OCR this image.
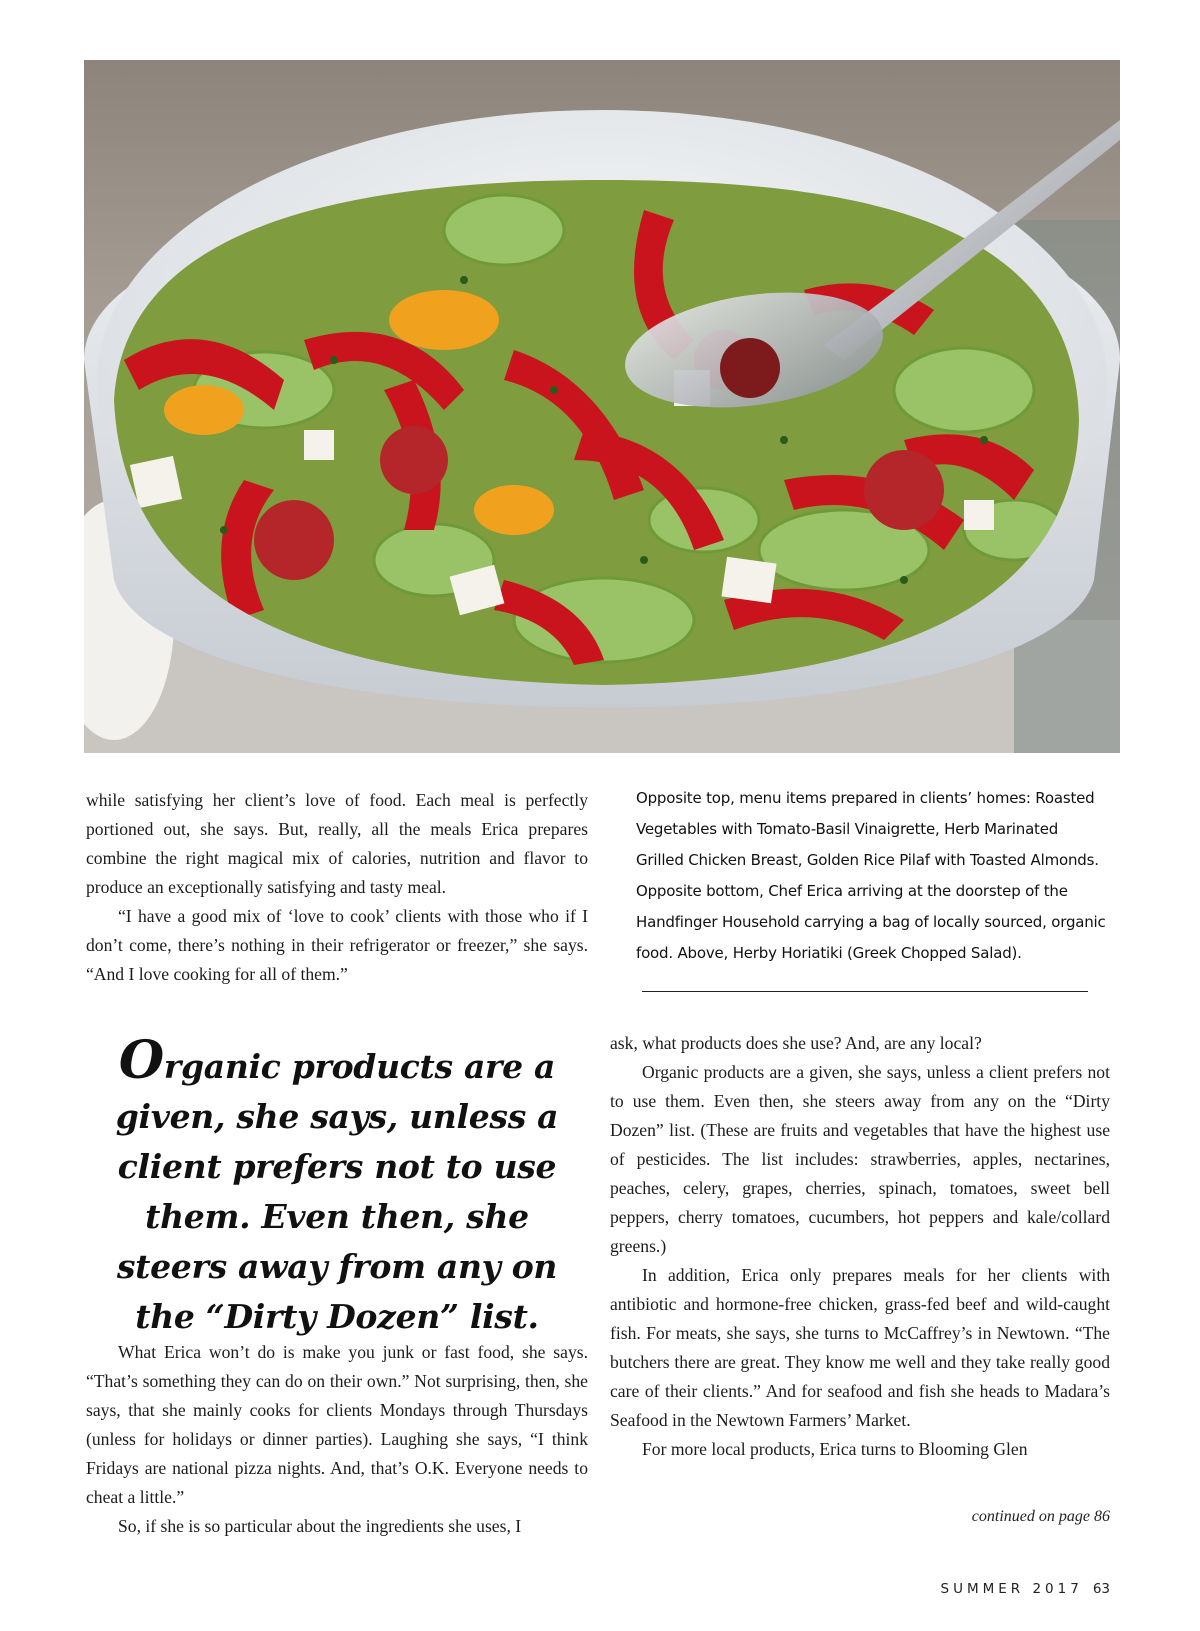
while satisfying her client’s love of food. Each meal is perfectly portioned out, she says. But, really, all the meals Erica prepares combine the right magical mix of calories, nutrition and flavor to produce an exceptionally satisfying and tasty meal.

“I have a good mix of ‘love to cook’ clients with those who if I don’t come, there’s nothing in their refrigerator or freezer,” she says. “And I love cooking for all of them.”

Opposite top, menu items prepared in clients’ homes: Roasted Vegetables with Tomato-Basil Vinaigrette, Herb Marinated Grilled Chicken Breast, Golden Rice Pilaf with Toasted Almonds. Opposite bottom, Chef Erica arriving at the doorstep of the Handfinger Household carrying a bag of locally sourced, organic food. Above, Herby Horiatiki (Greek Chopped Salad).
Organic products are a given, she says, unless a client prefers not to use them. Even then, she steers away from any on the “Dirty Dozen” list.

What Erica won’t do is make you junk or fast food, she says. “That’s something they can do on their own.” Not surprising, then, she says, that she mainly cooks for clients Mondays through Thursdays (unless for holidays or dinner parties). Laughing she says, “I think Fridays are national pizza nights. And, that’s O.K. Everyone needs to cheat a little.”

So, if she is so particular about the ingredients she uses, I

ask, what products does she use? And, are any local?

Organic products are a given, she says, unless a client prefers not to use them. Even then, she steers away from any on the “Dirty Dozen” list. (These are fruits and vegetables that have the highest use of pesticides. The list includes: strawberries, apples, nectarines, peaches, celery, grapes, cherries, spinach, tomatoes, sweet bell peppers, cherry tomatoes, cucumbers, hot peppers and kale/collard greens.)

In addition, Erica only prepares meals for her clients with antibiotic and hormone-free chicken, grass-fed beef and wild-caught fish. For meats, she says, she turns to McCaffrey’s in Newtown. “The butchers there are great. They know me well and they take really good care of their clients.” And for seafood and fish she heads to Madara’s Seafood in the Newtown Farmers’ Market.

For more local products, Erica turns to Blooming Glen

continued on page 86
SUMMER 2017 63
